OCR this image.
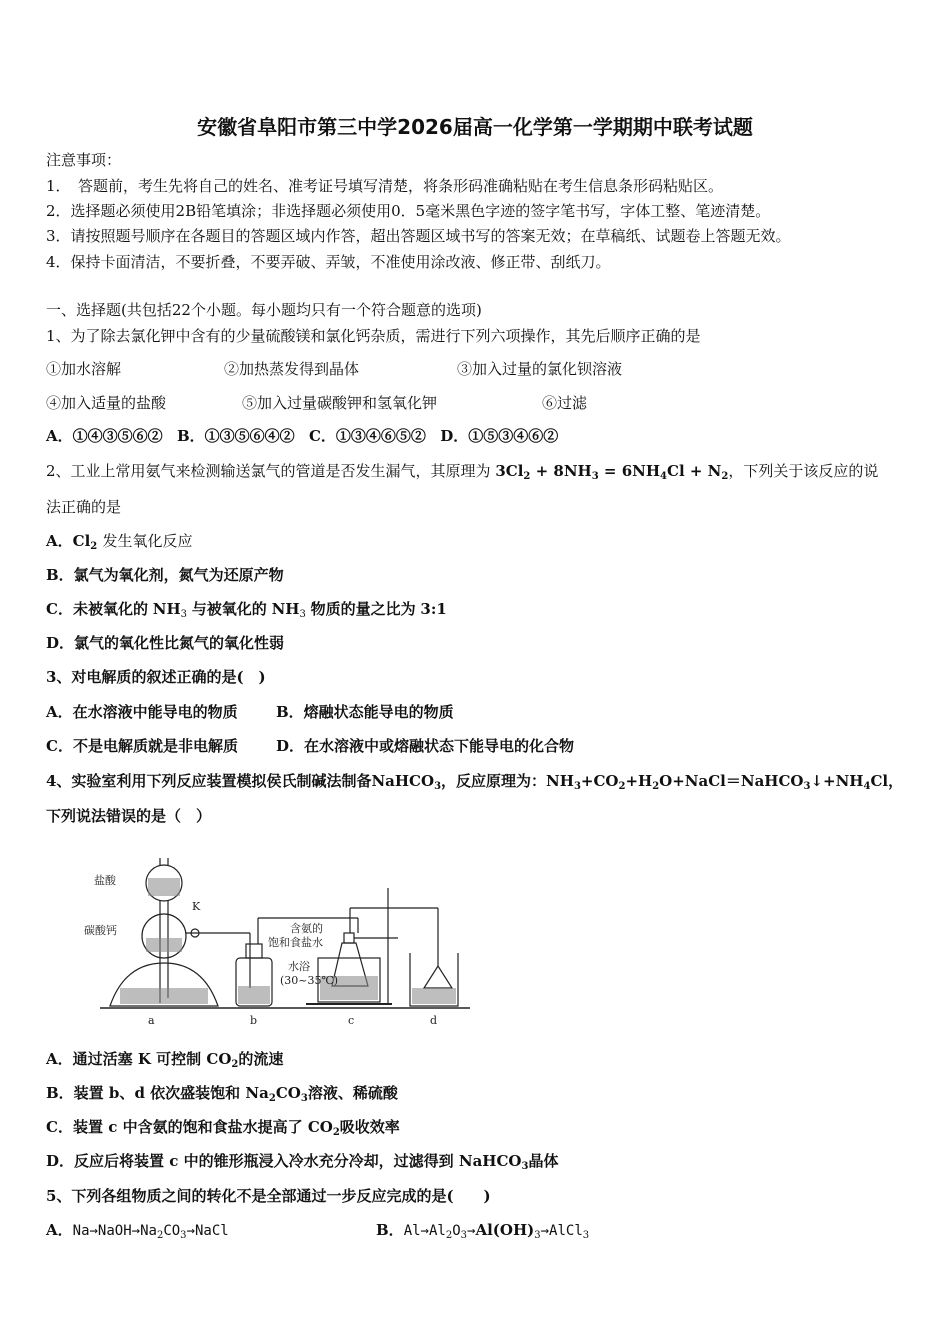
安徽省阜阳市第三中学2026届高一化学第一学期期中联考试题
注意事项：
1．　答题前，考生先将自己的姓名、准考证号填写清楚，将条形码准确粘贴在考生信息条形码粘贴区。
2．选择题必须使用2B铅笔填涂；非选择题必须使用0．5毫米黑色字迹的签字笔书写，字体工整、笔迹清楚。
3．请按照题号顺序在各题目的答题区域内作答，超出答题区域书写的答案无效；在草稿纸、试题卷上答题无效。
4．保持卡面清洁，不要折叠，不要弄破、弄皱，不准使用涂改液、修正带、刮纸刀。
一、选择题(共包括22个小题。每小题均只有一个符合题意的选项)
1、为了除去氯化钾中含有的少量硫酸镁和氯化钙杂质，需进行下列六项操作，其先后顺序正确的是
①加水溶解	②加热蒸发得到晶体	③加入过量的氯化钡溶液
④加入适量的盐酸	⑤加入过量碳酸钾和氢氧化钾	⑥过滤
A．①④③⑤⑥② B．①③⑤⑥④② C．①③④⑥⑤② D．①⑤③④⑥②
2、工业上常用氨气来检测输送氯气的管道是否发生漏气，其原理为 $3Cl_2 + 8NH_3 = 6NH_4Cl + N_2$，下列关于该反应的说
法正确的是
A．$Cl_2$ 发生氧化反应
B．氯气为氧化剂，氮气为还原产物
C．未被氧化的 $NH_3$ 与被氧化的 $NH_3$ 物质的量之比为 3:1
D．氯气的氧化性比氮气的氧化性弱
3、对电解质的叙述正确的是(　)
A．在水溶液中能导电的物质	B．熔融状态能导电的物质
C．不是电解质就是非电解质	D．在水溶液中或熔融状态下能导电的化合物
4、实验室利用下列反应装置模拟侯氏制碱法制备NaHCO$_3$，反应原理为：$NH_3+CO_2+H_2O+NaCl=NaHCO_3↓+NH_4Cl$，
下列说法错误的是（　）
盐酸
碳酸钙
K
含氨的
饱和食盐水
水浴
(30~35℃)
a	b	c	d
A．通过活塞 K 可控制 $CO_2$的流速
B．装置 b、d 依次盛装饱和 $Na_2CO_3$溶液、稀硫酸
C．装置 c 中含氨的饱和食盐水提高了 $CO_2$吸收效率
D．反应后将装置 c 中的锥形瓶浸入冷水充分冷却，过滤得到 NaHCO$_3$晶体
5、下列各组物质之间的转化不是全部通过一步反应完成的是(　　)
A．$Na\to NaOH\to Na_2CO_3\to NaCl$	B．$Al\to Al_2O_3\to Al(OH)_3\to AlCl_3$
